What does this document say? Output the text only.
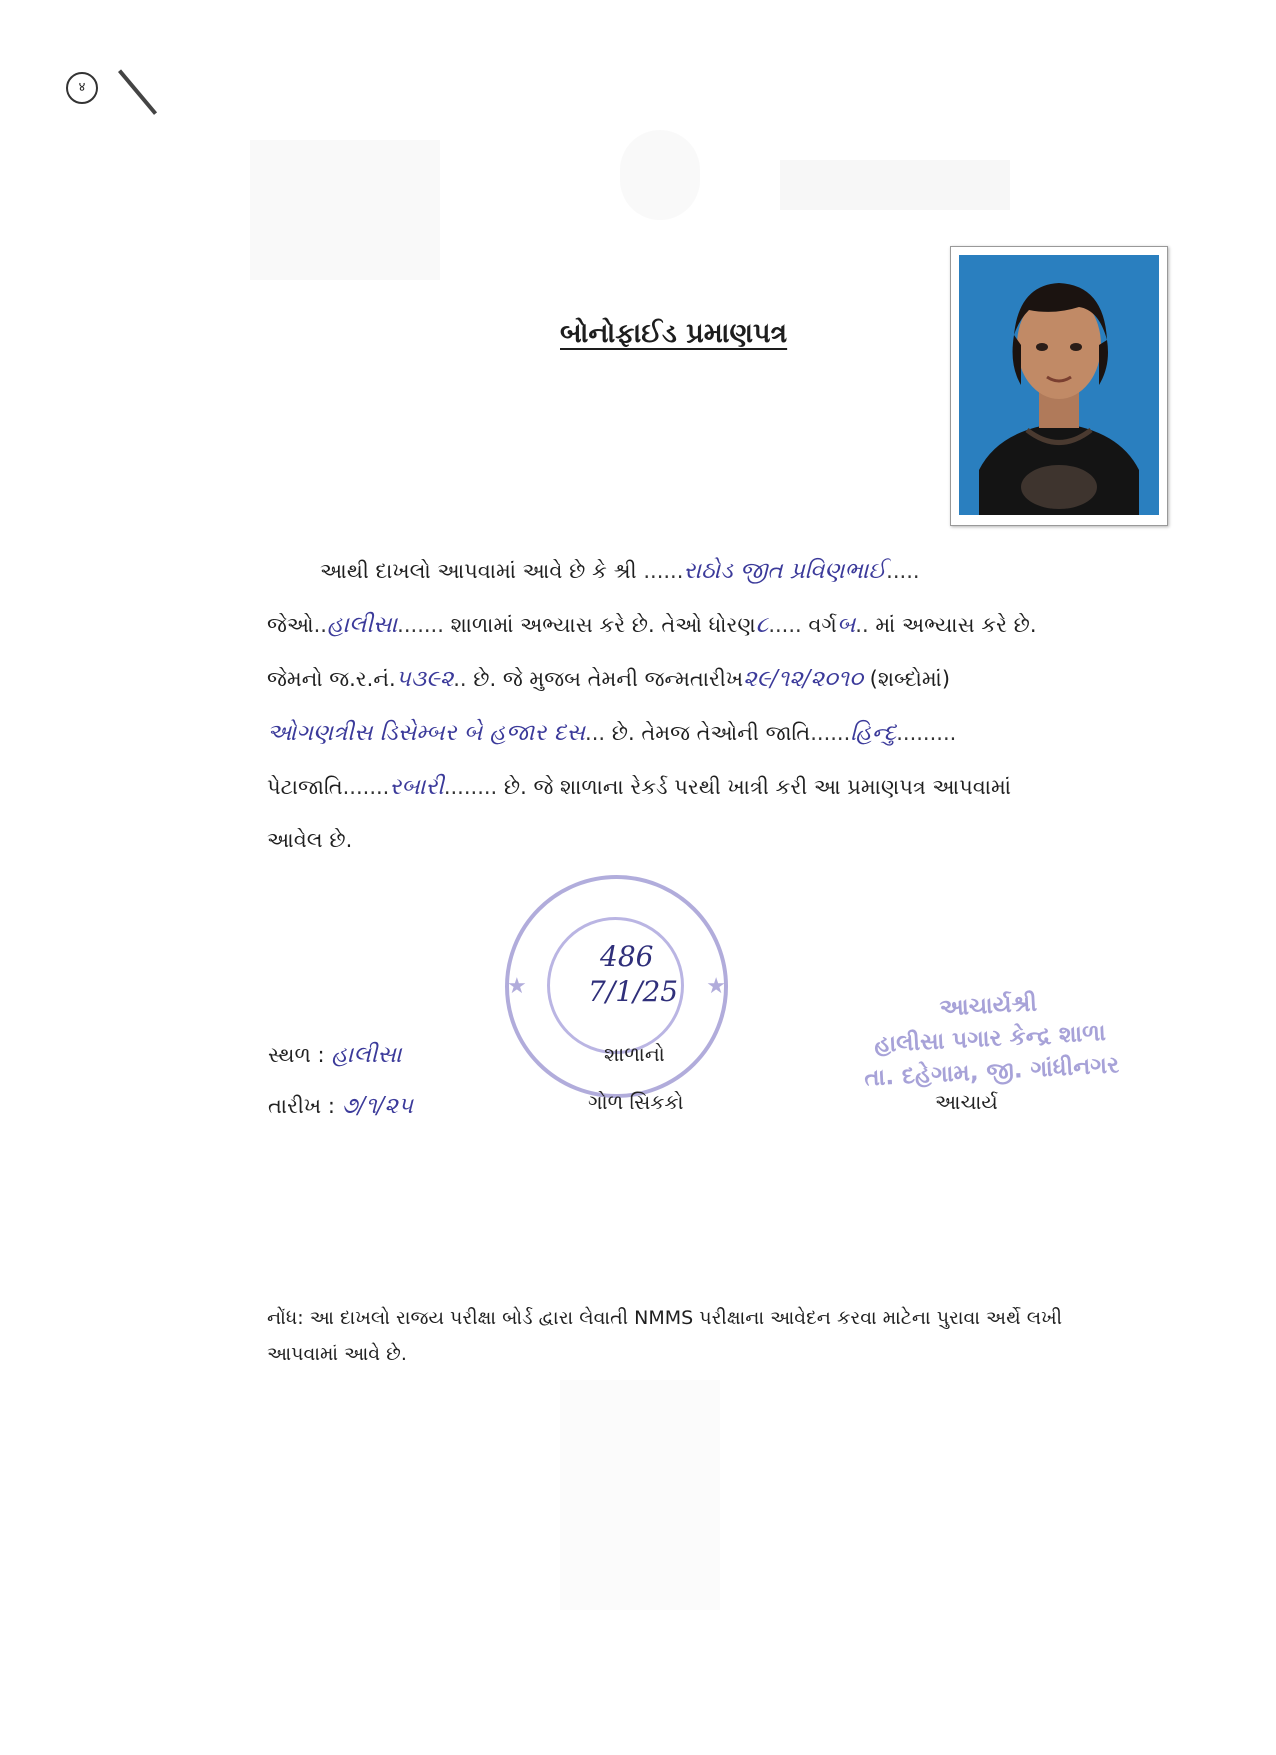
४
બોનોફાઈડ પ્રમાણપત્ર
આથી દાખલો આપવામાં આવે છે કે શ્રી ......રાઠોડ જીત પ્રવિણભાઈ.....
જેઓ..હાલીસા....... શાળામાં અભ્યાસ કરે છે. તેઓ ધોરણ૮..... વર્ગબ.. માં અભ્યાસ કરે છે.
જેમનો જ.ર.નં.૫૩૯૨.. છે. જે મુજબ તેમની જન્મતારીખ૨૯/૧૨/૨૦૧૦ (શબ્દોમાં)
ઓગણત્રીસ ડિસેમ્બર બે હજાર દસ... છે. તેમજ તેઓની જાતિ......હિન્દુ.........
પેટાજાતિ.......રબારી........ છે. જે શાળાના રેકર્ડ પરથી ખાત્રી કરી આ પ્રમાણપત્ર આપવામાં
આવેલ છે.
★	★
486
7/1/25
સ્થળ : હાલીસા
તારીખ : ૭/૧/૨૫
શાળાનો
ગોળ સિકકો
આચાર્યશ્રી
હાલીસા પગાર કેન્દ્ર શાળા
તા. દહેગામ, જી. ગાંધીનગર
આચાર્ય
નોંધ: આ દાખલો રાજય પરીક્ષા બોર્ડ દ્વારા લેવાતી NMMS પરીક્ષાના આવેદન કરવા માટેના પુરાવા અર્થે લખી આપવામાં આવે છે.
